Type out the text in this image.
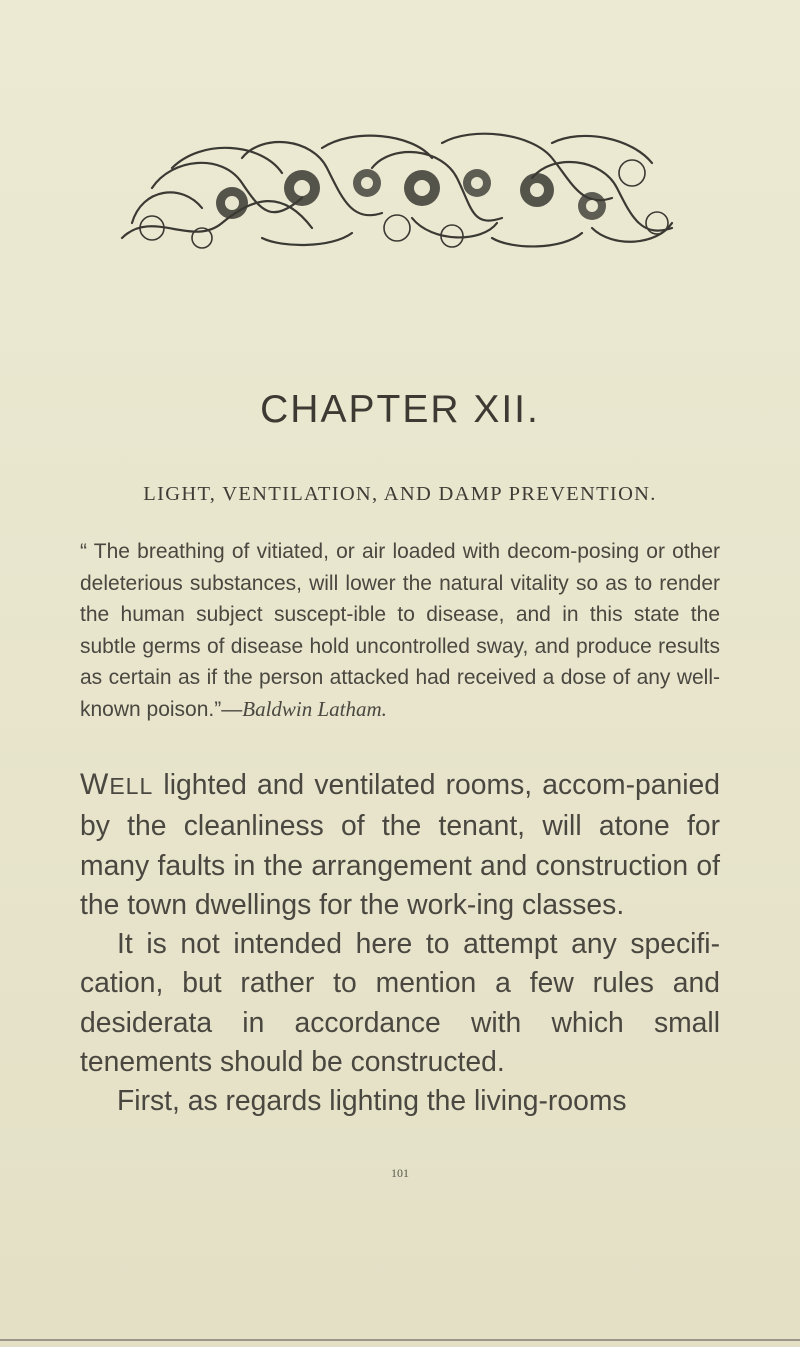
CHAPTER XII.
LIGHT, VENTILATION, AND DAMP PREVENTION.

“ The breathing of vitiated, or air loaded with decom-posing or other deleterious substances, will lower the natural vitality so as to render the human subject suscept-ible to disease, and in this state the subtle germs of disease hold uncontrolled sway, and produce results as certain as if the person attacked had received a dose of any well-known poison.”—Baldwin Latham.

WELL lighted and ventilated rooms, accom-panied by the cleanliness of the tenant, will atone for many faults in the arrangement and construction of the town dwellings for the work-ing classes.

It is not intended here to attempt any specifi-cation, but rather to mention a few rules and desiderata in accordance with which small tenements should be constructed.

First, as regards lighting the living-rooms

101
